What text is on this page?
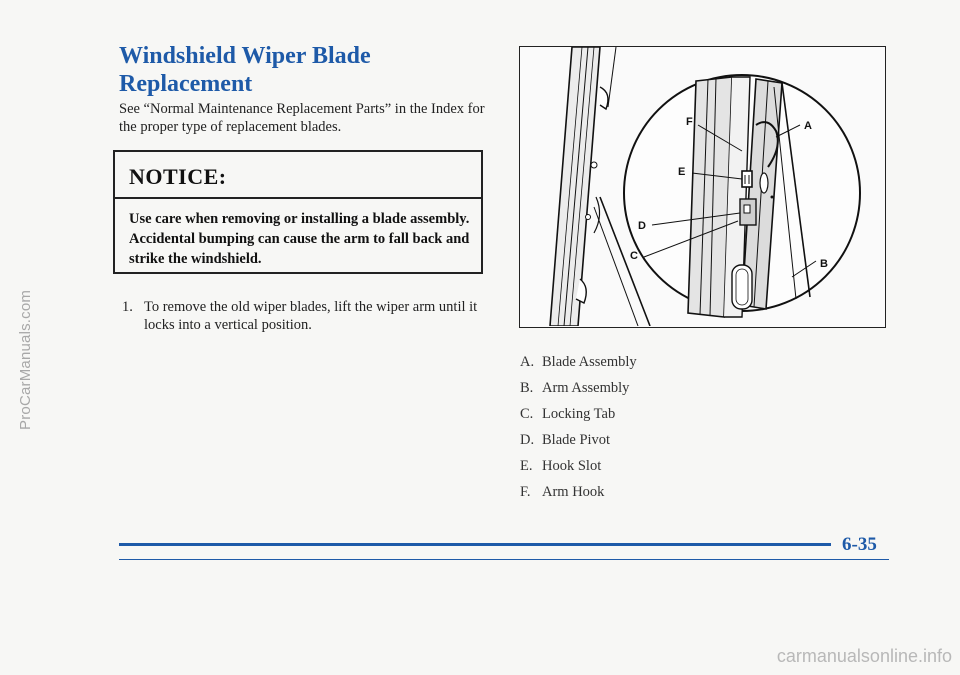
ProCarManuals.com
Windshield Wiper Blade Replacement

See “Normal Maintenance Replacement Parts” in the Index for the proper type of replacement blades.

NOTICE:
Use care when removing or installing a blade assembly. Accidental bumping can cause the arm to fall back and strike the windshield.
1. To remove the old wiper blades, lift the wiper arm until it locks into a vertical position.
F	A
E
D
C
B
A. Blade Assembly
B. Arm Assembly
C. Locking Tab
D. Blade Pivot
E. Hook Slot
F. Arm Hook
6-35
carmanualsonline.info
